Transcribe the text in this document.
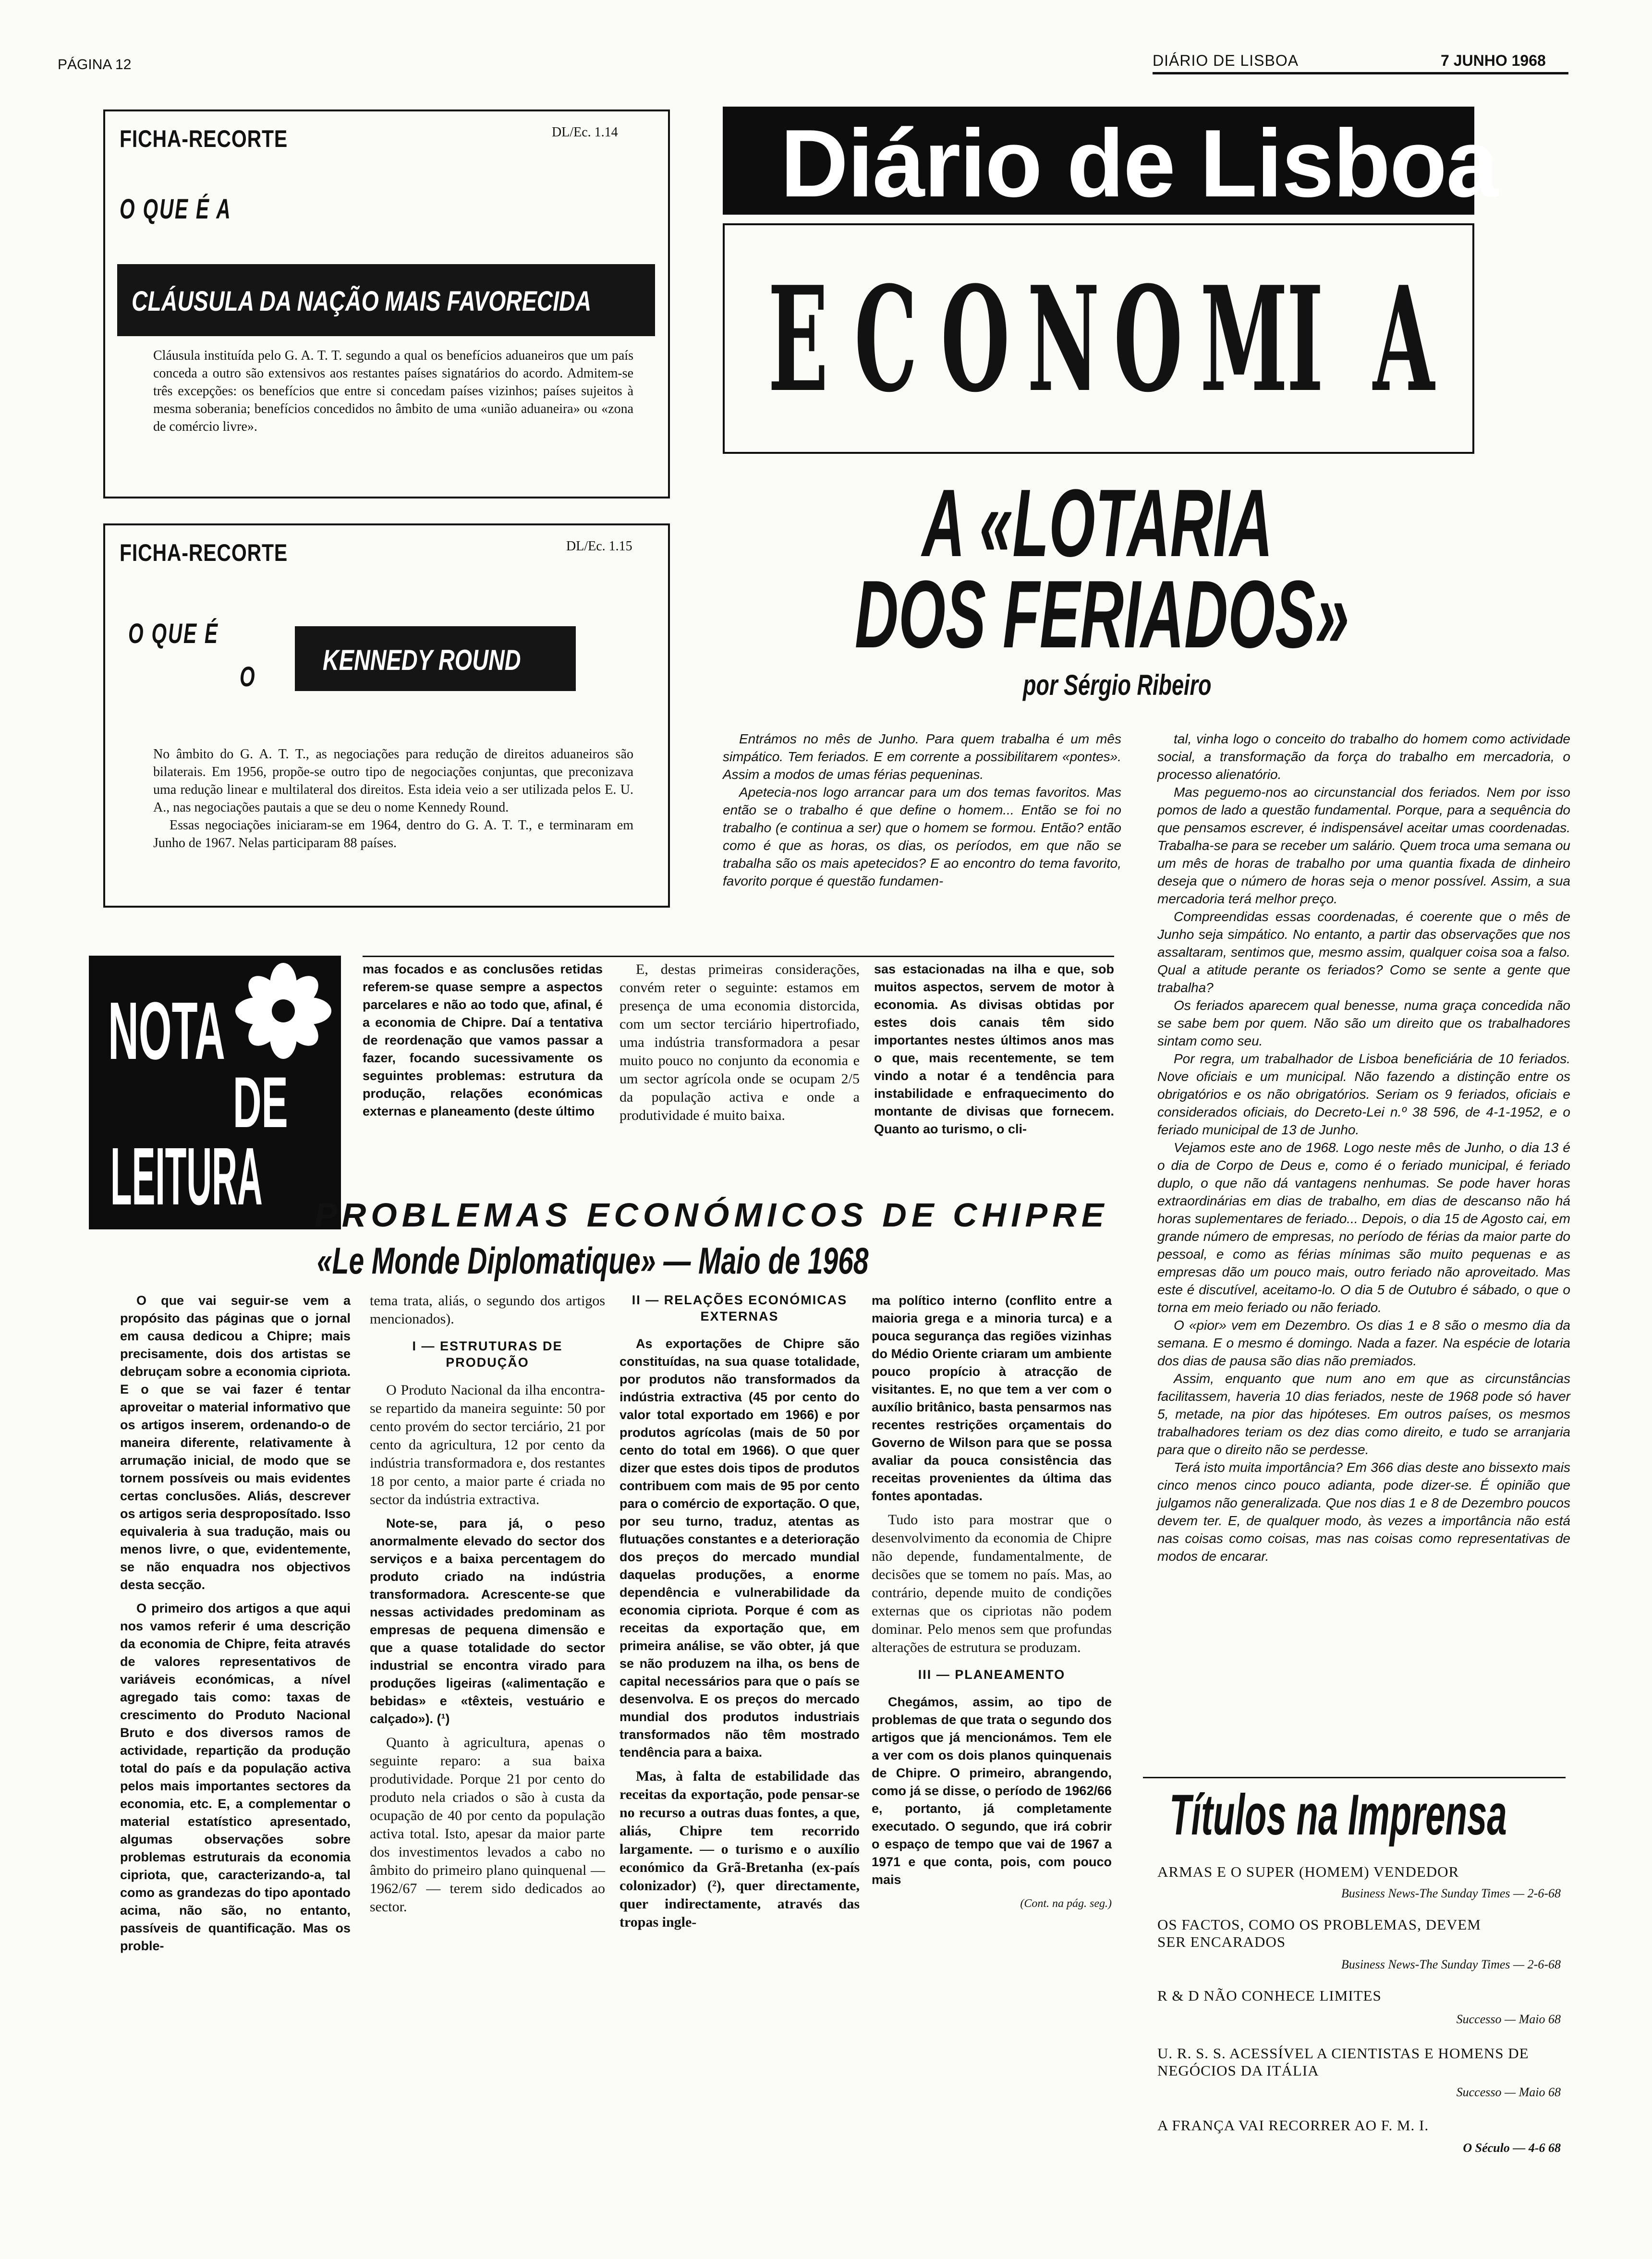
PÁGINA 12	DIÁRIO DE LISBOA	7 JUNHO 1968
FICHA-RECORTE	DL/Ec. 1.14
O QUE É A
CLÁUSULA DA NAÇÃO MAIS FAVORECIDA
Cláusula instituída pelo G. A. T. T. segundo a qual os benefícios aduaneiros que um país conceda a outro são extensivos aos restantes países signatários do acordo. Admitem-se três excepções: os benefícios que entre si concedam países vizinhos; países sujeitos à mesma soberania; benefícios concedidos no âmbito de uma «união aduaneira» ou «zona de comércio livre».
FICHA-RECORTE	DL/Ec. 1.15
O QUE É
O
KENNEDY ROUND
No âmbito do G. A. T. T., as negociações para redução de direitos aduaneiros são bilaterais. Em 1956, propõe-se outro tipo de negociações conjuntas, que preconizava uma redução linear e multilateral dos direitos. Esta ideia veio a ser utilizada pelos E. U. A., nas negociações pautais a que se deu o nome Kennedy Round.
Essas negociações iniciaram-se em 1964, dentro do G. A. T. T., e terminaram em Junho de 1967. Nelas participaram 88 países.
Diário de Lisboa
E C O N O M
I A
A «LOTARIA
DOS FERIADOS»
por Sérgio Ribeiro

Entrámos no mês de Junho. Para quem trabalha é um mês simpático. Tem feriados. E em corrente a possibilitarem «pontes». Assim a modos de umas férias pequeninas.

Apetecia-nos logo arrancar para um dos temas favoritos. Mas então se o trabalho é que define o homem... Então se foi no trabalho (e continua a ser) que o homem se formou. Então? então como é que as horas, os dias, os períodos, em que não se trabalha são os mais apetecidos? E ao encontro do tema favorito, favorito porque é questão fundamen-

tal, vinha logo o conceito do trabalho do homem como actividade social, a transformação da força do trabalho em mercadoria, o processo alienatório.

Mas peguemo-nos ao circunstancial dos feriados. Nem por isso pomos de lado a questão fundamental. Porque, para a sequência do que pensamos escrever, é indispensável aceitar umas coordenadas. Trabalha-se para se receber um salário. Quem troca uma semana ou um mês de horas de trabalho por uma quantia fixada de dinheiro deseja que o número de horas seja o menor possível. Assim, a sua mercadoria terá melhor preço.

Compreendidas essas coordenadas, é coerente que o mês de Junho seja simpático. No entanto, a partir das observações que nos assaltaram, sentimos que, mesmo assim, qualquer coisa soa a falso. Qual a atitude perante os feriados? Como se sente a gente que trabalha?

Os feriados aparecem qual benesse, numa graça concedida não se sabe bem por quem. Não são um direito que os trabalhadores sintam como seu.

Por regra, um trabalhador de Lisboa beneficiária de 10 feriados. Nove oficiais e um municipal. Não fazendo a distinção entre os obrigatórios e os não obrigatórios. Seriam os 9 feriados, oficiais e considerados oficiais, do Decreto-Lei n.º 38 596, de 4-1-1952, e o feriado municipal de 13 de Junho.

Vejamos este ano de 1968. Logo neste mês de Junho, o dia 13 é o dia de Corpo de Deus e, como é o feriado municipal, é feriado duplo, o que não dá vantagens nenhumas. Se pode haver horas extraordinárias em dias de trabalho, em dias de descanso não há horas suplementares de feriado... Depois, o dia 15 de Agosto cai, em grande número de empresas, no período de férias da maior parte do pessoal, e como as férias mínimas são muito pequenas e as empresas dão um pouco mais, outro feriado não aproveitado. Mas este é discutível, aceitamo-lo. O dia 5 de Outubro é sábado, o que o torna em meio feriado ou não feriado.

O «pior» vem em Dezembro. Os dias 1 e 8 são o mesmo dia da semana. E o mesmo é domingo. Nada a fazer. Na espécie de lotaria dos dias de pausa são dias não premiados.

Assim, enquanto que num ano em que as circunstâncias facilitassem, haveria 10 dias feriados, neste de 1968 pode só haver 5, metade, na pior das hipóteses. Em outros países, os mesmos trabalhadores teriam os dez dias como direito, e tudo se arranjaria para que o direito não se perdesse.

Terá isto muita importância? Em 366 dias deste ano bissexto mais cinco menos cinco pouco adianta, pode dizer-se. É opinião que julgamos não generalizada. Que nos dias 1 e 8 de Dezembro poucos devem ter. E, de qualquer modo, às vezes a importância não está nas coisas como coisas, mas nas coisas como representativas de modos de encarar.

NOTA
DE
LEITURA
mas focados e as conclusões retidas referem-se quase sempre a aspectos parcelares e não ao todo que, afinal, é a economia de Chipre. Daí a tentativa de reordenação que vamos passar a fazer, focando sucessivamente os seguintes problemas: estrutura da produção, relações económicas externas e planeamento (deste último
E, destas primeiras considerações, convém reter o seguinte: estamos em presença de uma economia distorcida, com um sector terciário hipertrofiado, uma indústria transformadora a pesar muito pouco no conjunto da economia e um sector agrícola onde se ocupam 2/5 da população activa e onde a produtividade é muito baixa.
sas estacionadas na ilha e que, sob muitos aspectos, servem de motor à economia. As divisas obtidas por estes dois canais têm sido importantes nestes últimos anos mas o que, mais recentemente, se tem vindo a notar é a tendência para instabilidade e enfraquecimento do montante de divisas que fornecem. Quanto ao turismo, o cli-
PROBLEMAS ECONÓMICOS DE CHIPRE
«Le Monde Diplomatique» — Maio de 1968

O que vai seguir-se vem a propósito das páginas que o jornal em causa dedicou a Chipre; mais precisamente, dois dos artistas se debruçam sobre a economia cipriota. E o que se vai fazer é tentar aproveitar o material informativo que os artigos inserem, ordenando-o de maneira diferente, relativamente à arrumação inicial, de modo que se tornem possíveis ou mais evidentes certas conclusões. Aliás, descrever os artigos seria desproposítado. Isso equivaleria à sua tradução, mais ou menos livre, o que, evidentemente, se não enquadra nos objectivos desta secção.

O primeiro dos artigos a que aqui nos vamos referir é uma descrição da economia de Chipre, feita através de valores representativos de variáveis económicas, a nível agregado tais como: taxas de crescimento do Produto Nacional Bruto e dos diversos ramos de actividade, repartição da produção total do país e da população activa pelos mais importantes sectores da economia, etc. E, a complementar o material estatístico apresentado, algumas observações sobre problemas estruturais da economia cipriota, que, caracterizando-a, tal como as grandezas do tipo apontado acima, não são, no entanto, passíveis de quantificação. Mas os proble-

tema trata, aliás, o segundo dos artigos mencionados).

I — ESTRUTURAS DE PRODUÇÃO

O Produto Nacional da ilha encontra-se repartido da maneira seguinte: 50 por cento provém do sector terciário, 21 por cento da agricultura, 12 por cento da indústria transformadora e, dos restantes 18 por cento, a maior parte é criada no sector da indústria extractiva.

Note-se, para já, o peso anormalmente elevado do sector dos serviços e a baixa percentagem do produto criado na indústria transformadora. Acrescente-se que nessas actividades predominam as empresas de pequena dimensão e que a quase totalidade do sector industrial se encontra virado para produções ligeiras («alimentação e bebidas» e «têxteis, vestuário e calçado»). (¹)

Quanto à agricultura, apenas o seguinte reparo: a sua baixa produtividade. Porque 21 por cento do produto nela criados o são à custa da ocupação de 40 por cento da população activa total. Isto, apesar da maior parte dos investimentos levados a cabo no âmbito do primeiro plano quinquenal — 1962/67 — terem sido dedicados ao sector.

II — RELAÇÕES ECONÓMICAS EXTERNAS

As exportações de Chipre são constituídas, na sua quase totalidade, por produtos não transformados da indústria extractiva (45 por cento do valor total exportado em 1966) e por produtos agrícolas (mais de 50 por cento do total em 1966). O que quer dizer que estes dois tipos de produtos contribuem com mais de 95 por cento para o comércio de exportação. O que, por seu turno, traduz, atentas as flutuações constantes e a deterioração dos preços do mercado mundial daquelas produções, a enorme dependência e vulnerabilidade da economia cipriota. Porque é com as receitas da exportação que, em primeira análise, se vão obter, já que se não produzem na ilha, os bens de capital necessários para que o país se desenvolva. E os preços do mercado mundial dos produtos industriais transformados não têm mostrado tendência para a baixa.

Mas, à falta de estabilidade das receitas da exportação, pode pensar-se no recurso a outras duas fontes, a que, aliás, Chipre tem recorrido largamente. — o turismo e o auxílio económico da Grã-Bretanha (ex-país colonizador) (²), quer directamente, quer indirectamente, através das tropas ingle-

ma político interno (conflito entre a maioria grega e a minoria turca) e a pouca segurança das regiões vizinhas do Médio Oriente criaram um ambiente pouco propício à atracção de visitantes. E, no que tem a ver com o auxílio britânico, basta pensarmos nas recentes restrições orçamentais do Governo de Wilson para que se possa avaliar da pouca consistência das receitas provenientes da última das fontes apontadas.

Tudo isto para mostrar que o desenvolvimento da economia de Chipre não depende, fundamentalmente, de decisões que se tomem no país. Mas, ao contrário, depende muito de condições externas que os cipriotas não podem dominar. Pelo menos sem que profundas alterações de estrutura se produzam.

III — PLANEAMENTO

Chegámos, assim, ao tipo de problemas de que trata o segundo dos artigos que já mencionámos. Tem ele a ver com os dois planos quinquenais de Chipre. O primeiro, abrangendo, como já se disse, o período de 1962/66 e, portanto, já completamente executado. O segundo, que irá cobrir o espaço de tempo que vai de 1967 a 1971 e que conta, pois, com pouco mais

(Cont. na pág. seg.)
Títulos na Imprensa
ARMAS E O SUPER (HOMEM) VENDEDOR
Business News-The Sunday Times — 2-6-68
OS FACTOS, COMO OS PROBLEMAS, DEVEM SER ENCARADOS
Business News-The Sunday Times — 2-6-68
R & D NÃO CONHECE LIMITES
Successo — Maio 68
U. R. S. S. ACESSÍVEL A CIENTISTAS E HOMENS DE NEGÓCIOS DA ITÁLIA
Successo — Maio 68
A FRANÇA VAI RECORRER AO F. M. I.
O Século — 4-6 68
